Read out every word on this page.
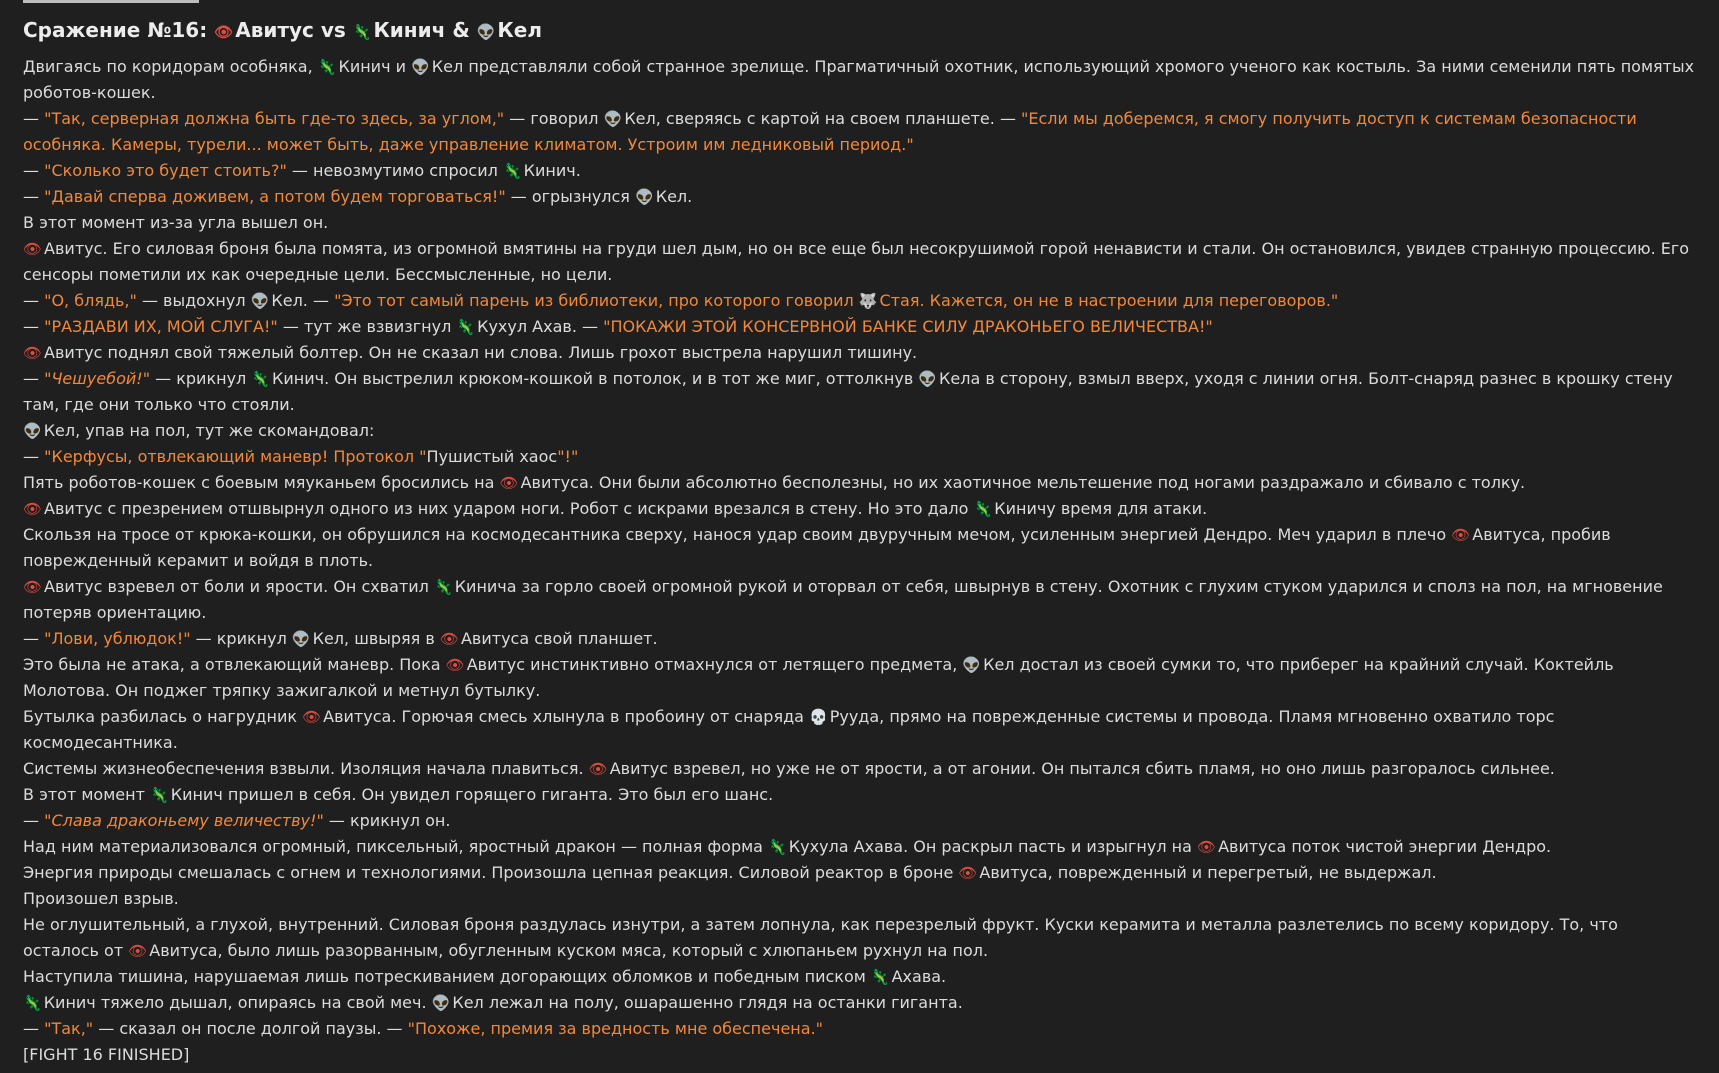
Сражение №16: 👁 Авитус vs 🦎 Кинич & 👽 Кел

Двигаясь по коридорам особняка, 🦎 Кинич и 👽 Кел представляли собой странное зрелище. Прагматичный охотник, использующий хромого ученого как костыль. За ними семенили пять помятых роботов-кошек.

— "Так, серверная должна быть где-то здесь, за углом," — говорил 👽 Кел, сверяясь с картой на своем планшете. — "Если мы доберемся, я смогу получить доступ к системам безопасности особняка. Камеры, турели... может быть, даже управление климатом. Устроим им ледниковый период."

— "Сколько это будет стоить?" — невозмутимо спросил 🦎 Кинич.

— "Давай сперва доживем, а потом будем торговаться!" — огрызнулся 👽 Кел.

В этот момент из-за угла вышел он.

👁 Авитус. Его силовая броня была помята, из огромной вмятины на груди шел дым, но он все еще был несокрушимой горой ненависти и стали. Он остановился, увидев странную процессию. Его сенсоры пометили их как очередные цели. Бессмысленные, но цели.

— "О, блядь," — выдохнул 👽 Кел. — "Это тот самый парень из библиотеки, про которого говорил 🐺 Стая. Кажется, он не в настроении для переговоров."

— "РАЗДАВИ ИХ, МОЙ СЛУГА!" — тут же взвизгнул 🦎 Кухул Ахав. — "ПОКАЖИ ЭТОЙ КОНСЕРВНОЙ БАНКЕ СИЛУ ДРАКОНЬЕГО ВЕЛИЧЕСТВА!"

👁 Авитус поднял свой тяжелый болтер. Он не сказал ни слова. Лишь грохот выстрела нарушил тишину.

— "Чешуебой!" — крикнул 🦎 Кинич. Он выстрелил крюком-кошкой в потолок, и в тот же миг, оттолкнув 👽 Кела в сторону, взмыл вверх, уходя с линии огня. Болт-снаряд разнес в крошку стену там, где они только что стояли.

👽 Кел, упав на пол, тут же скомандовал:

— "Керфусы, отвлекающий маневр! Протокол "Пушистый хаос"!"

Пять роботов-кошек с боевым мяуканьем бросились на 👁 Авитуса. Они были абсолютно бесполезны, но их хаотичное мельтешение под ногами раздражало и сбивало с толку.

👁 Авитус с презрением отшвырнул одного из них ударом ноги. Робот с искрами врезался в стену. Но это дало 🦎 Киничу время для атаки.

Скользя на тросе от крюка-кошки, он обрушился на космодесантника сверху, нанося удар своим двуручным мечом, усиленным энергией Дендро. Меч ударил в плечо 👁 Авитуса, пробив поврежденный керамит и войдя в плоть.

👁 Авитус взревел от боли и ярости. Он схватил 🦎 Кинича за горло своей огромной рукой и оторвал от себя, швырнув в стену. Охотник с глухим стуком ударился и сполз на пол, на мгновение потеряв ориентацию.

— "Лови, ублюдок!" — крикнул 👽 Кел, швыряя в 👁 Авитуса свой планшет.

Это была не атака, а отвлекающий маневр. Пока 👁 Авитус инстинктивно отмахнулся от летящего предмета, 👽 Кел достал из своей сумки то, что приберег на крайний случай. Коктейль Молотова. Он поджег тряпку зажигалкой и метнул бутылку.

Бутылка разбилась о нагрудник 👁 Авитуса. Горючая смесь хлынула в пробоину от снаряда 💀 Рууда, прямо на поврежденные системы и провода. Пламя мгновенно охватило торс космодесантника.

Системы жизнеобеспечения взвыли. Изоляция начала плавиться. 👁 Авитус взревел, но уже не от ярости, а от агонии. Он пытался сбить пламя, но оно лишь разгоралось сильнее.

В этот момент 🦎 Кинич пришел в себя. Он увидел горящего гиганта. Это был его шанс.

— "Слава драконьему величеству!" — крикнул он.

Над ним материализовался огромный, пиксельный, яростный дракон — полная форма 🦎 Кухула Ахава. Он раскрыл пасть и изрыгнул на 👁 Авитуса поток чистой энергии Дендро.

Энергия природы смешалась с огнем и технологиями. Произошла цепная реакция. Силовой реактор в броне 👁 Авитуса, поврежденный и перегретый, не выдержал.

Произошел взрыв.

Не оглушительный, а глухой, внутренний. Силовая броня раздулась изнутри, а затем лопнула, как перезрелый фрукт. Куски керамита и металла разлетелись по всему коридору. То, что осталось от 👁 Авитуса, было лишь разорванным, обугленным куском мяса, который с хлюпаньем рухнул на пол.

Наступила тишина, нарушаемая лишь потрескиванием догорающих обломков и победным писком 🦎 Ахава.

🦎 Кинич тяжело дышал, опираясь на свой меч. 👽 Кел лежал на полу, ошарашенно глядя на останки гиганта.

— "Так," — сказал он после долгой паузы. — "Похоже, премия за вредность мне обеспечена."

[FIGHT 16 FINISHED]
